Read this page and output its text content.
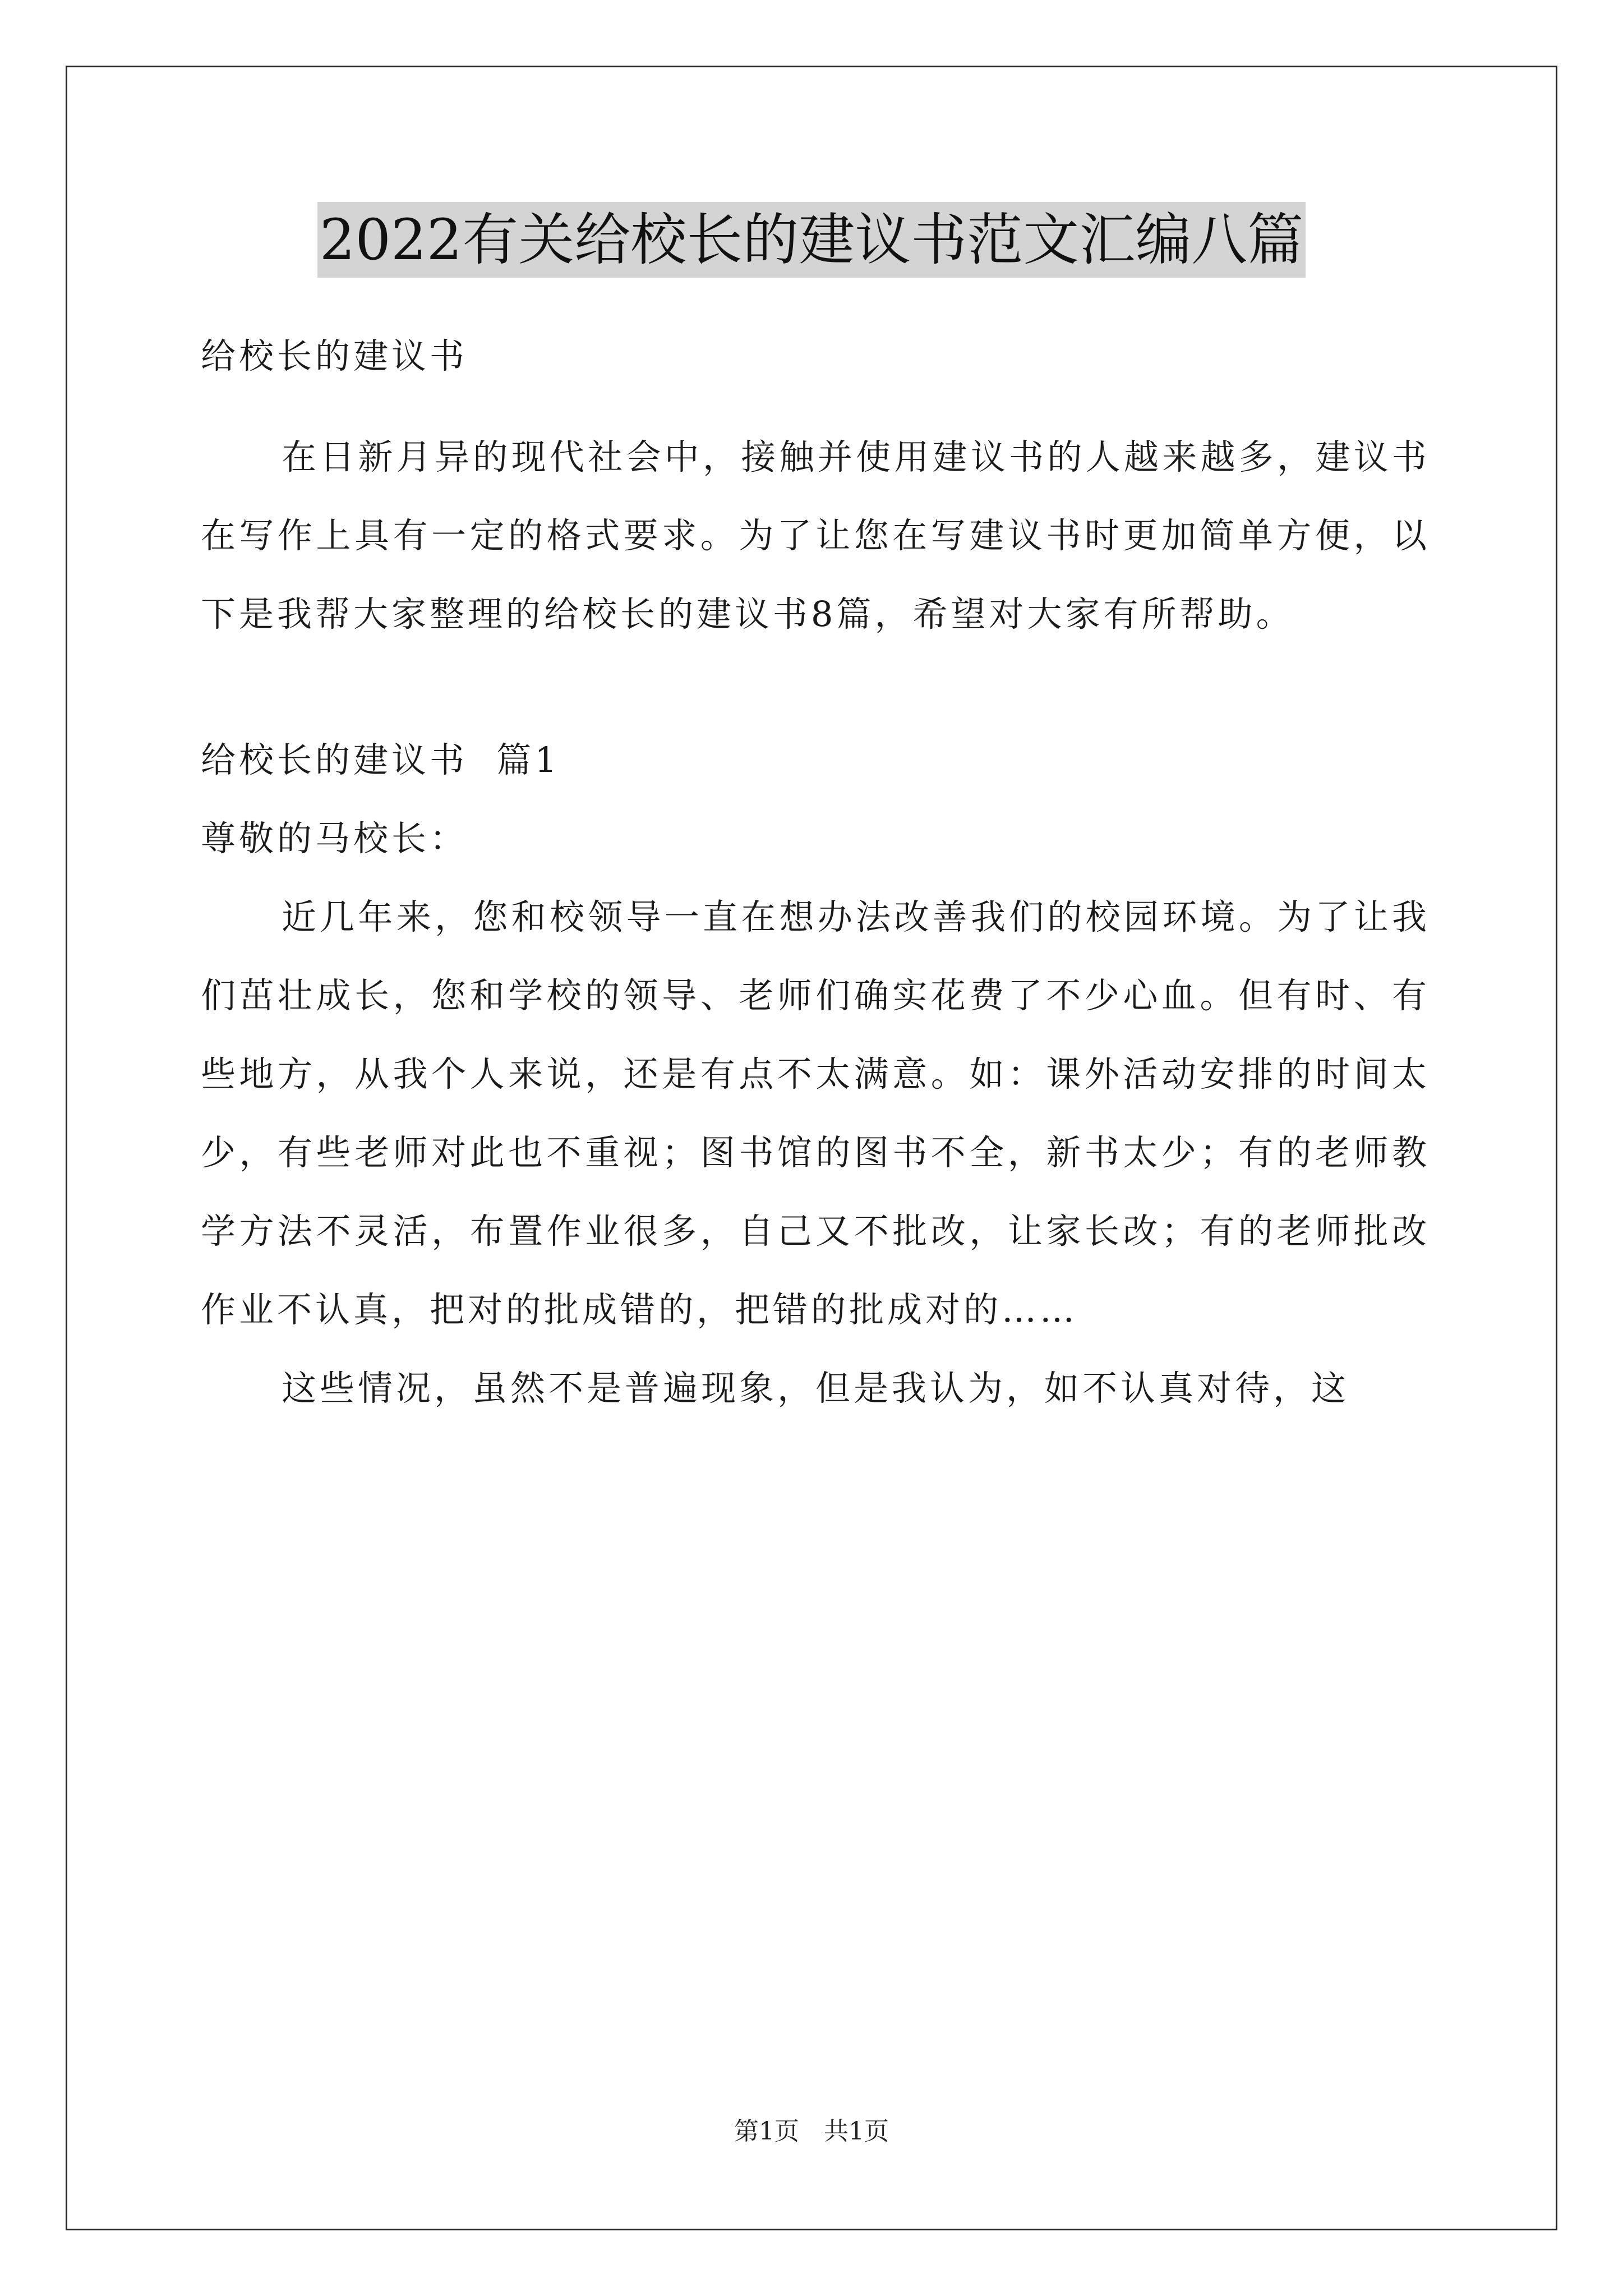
2022有关给校长的建议书范文汇编八篇

给校长的建议书

在日新月异的现代社会中，接触并使用建议书的人越来越多，建议书在写作上具有一定的格式要求。为了让您在写建议书时更加简单方便，以下是我帮大家整理的给校长的建议书8篇，希望对大家有所帮助。

给校长的建议书  篇1

尊敬的马校长：

近几年来，您和校领导一直在想办法改善我们的校园环境。为了让我们茁壮成长，您和学校的领导、老师们确实花费了不少心血。但有时、有些地方，从我个人来说，还是有点不太满意。如：课外活动安排的时间太少，有些老师对此也不重视；图书馆的图书不全，新书太少；有的老师教学方法不灵活，布置作业很多，自己又不批改，让家长改；有的老师批改作业不认真，把对的批成错的，把错的批成对的……

这些情况，虽然不是普遍现象，但是我认为，如不认真对待，这

第1页 共1页
